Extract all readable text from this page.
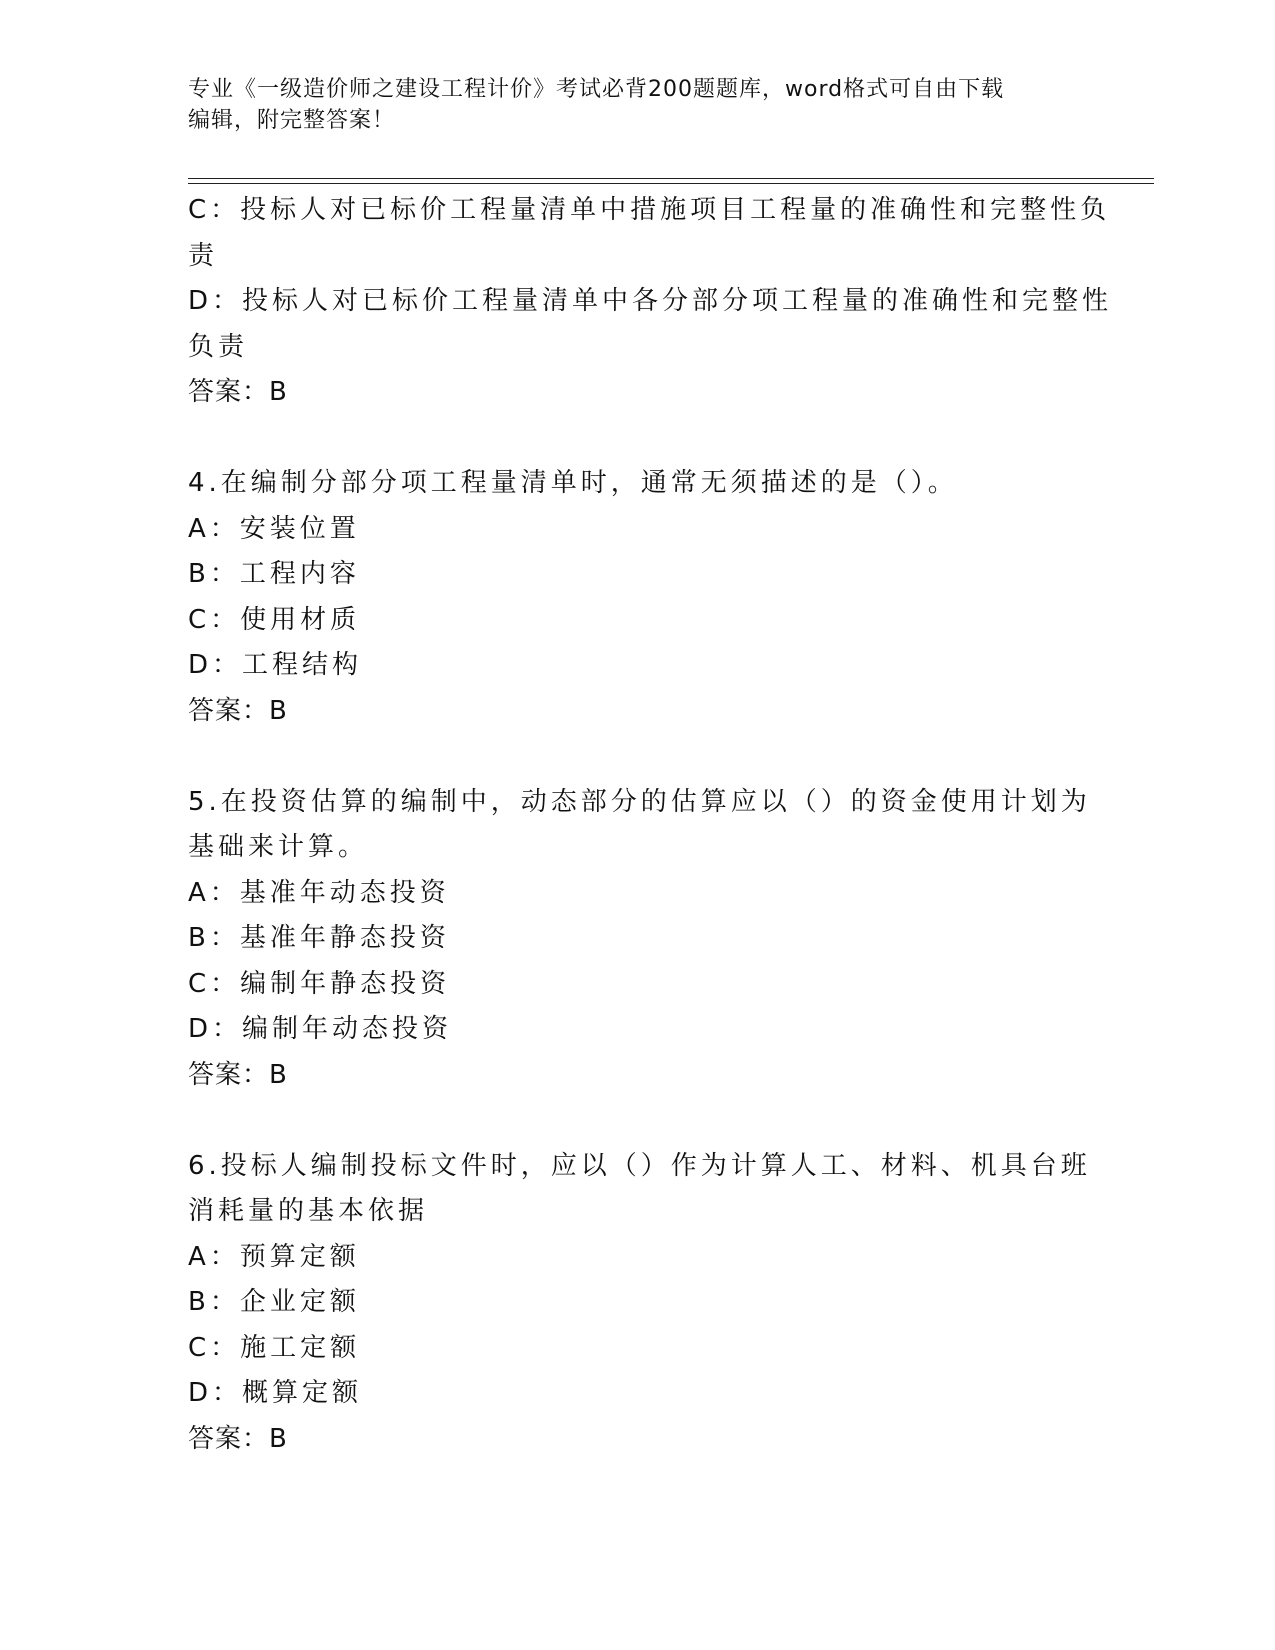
专业《一级造价师之建设工程计价》考试必背200题题库，word格式可自由下载
编辑，附完整答案！
C：投标人对已标价工程量清单中措施项目工程量的准确性和完整性负
责
D：投标人对已标价工程量清单中各分部分项工程量的准确性和完整性
负责
答案：B
4.在编制分部分项工程量清单时，通常无须描述的是（）。
A：安装位置
B：工程内容
C：使用材质
D：工程结构
答案：B
5.在投资估算的编制中，动态部分的估算应以（）的资金使用计划为
基础来计算。
A：基准年动态投资
B：基准年静态投资
C：编制年静态投资
D：编制年动态投资
答案：B
6.投标人编制投标文件时，应以（）作为计算人工、材料、机具台班
消耗量的基本依据
A：预算定额
B：企业定额
C：施工定额
D：概算定额
答案：B
